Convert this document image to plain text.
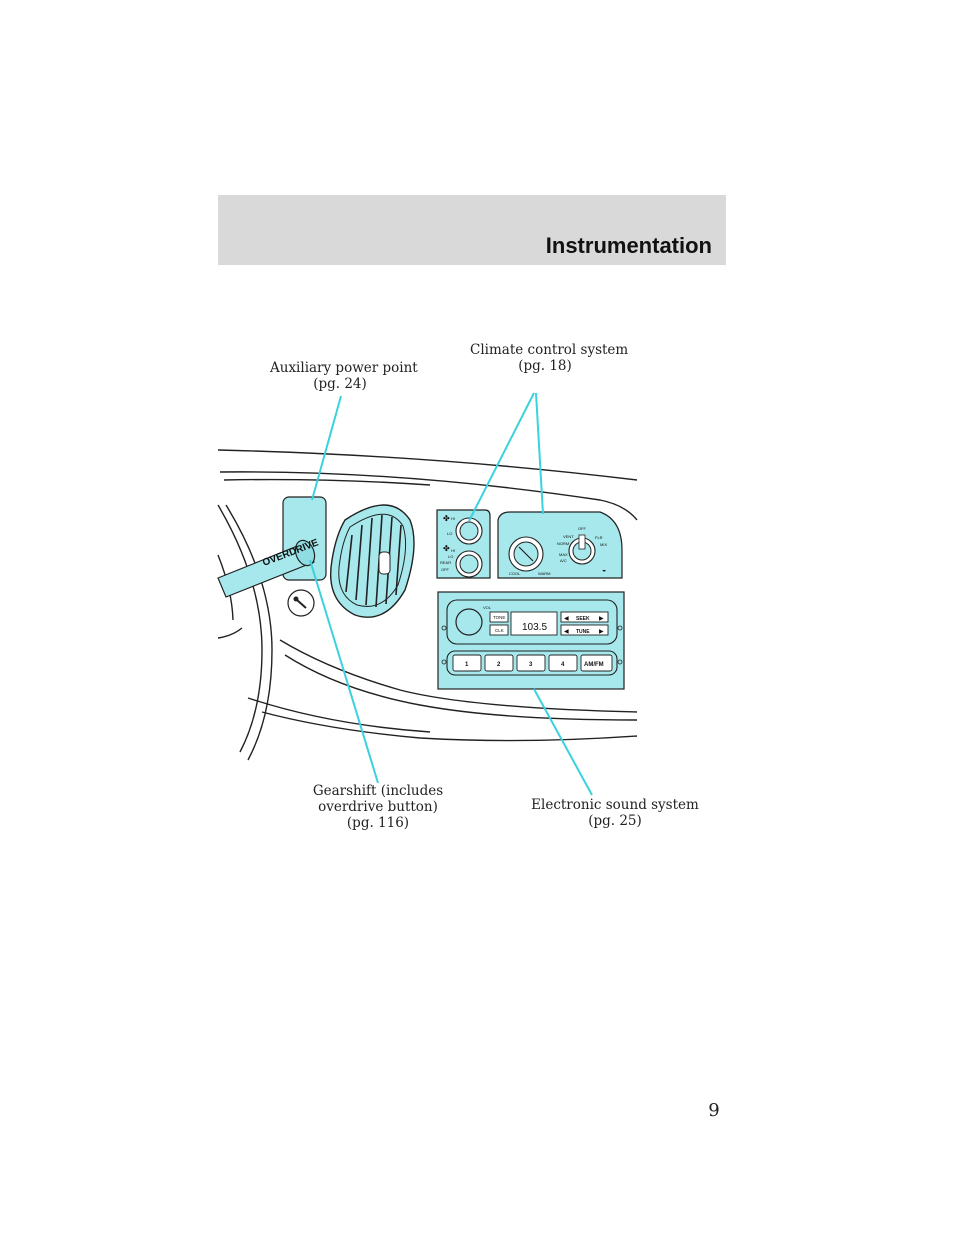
Instrumentation
OVERDRIVE
✤
✤
HI
LO
HI
LO
REAR
OFF
COOL	WARM
OFF
VENT
NORM
MAX
FLR
MIX
A/C
◒
VOL
TONE
CLK 103.5
◀ SEEK ▶
◀ TUNE ▶
1	2	3	4	AM/FM
Auxiliary power point
(pg. 24)
Climate control system
(pg. 18)
Gearshift (includes
overdrive button)
(pg. 116)
Electronic sound system
(pg. 25)
9
